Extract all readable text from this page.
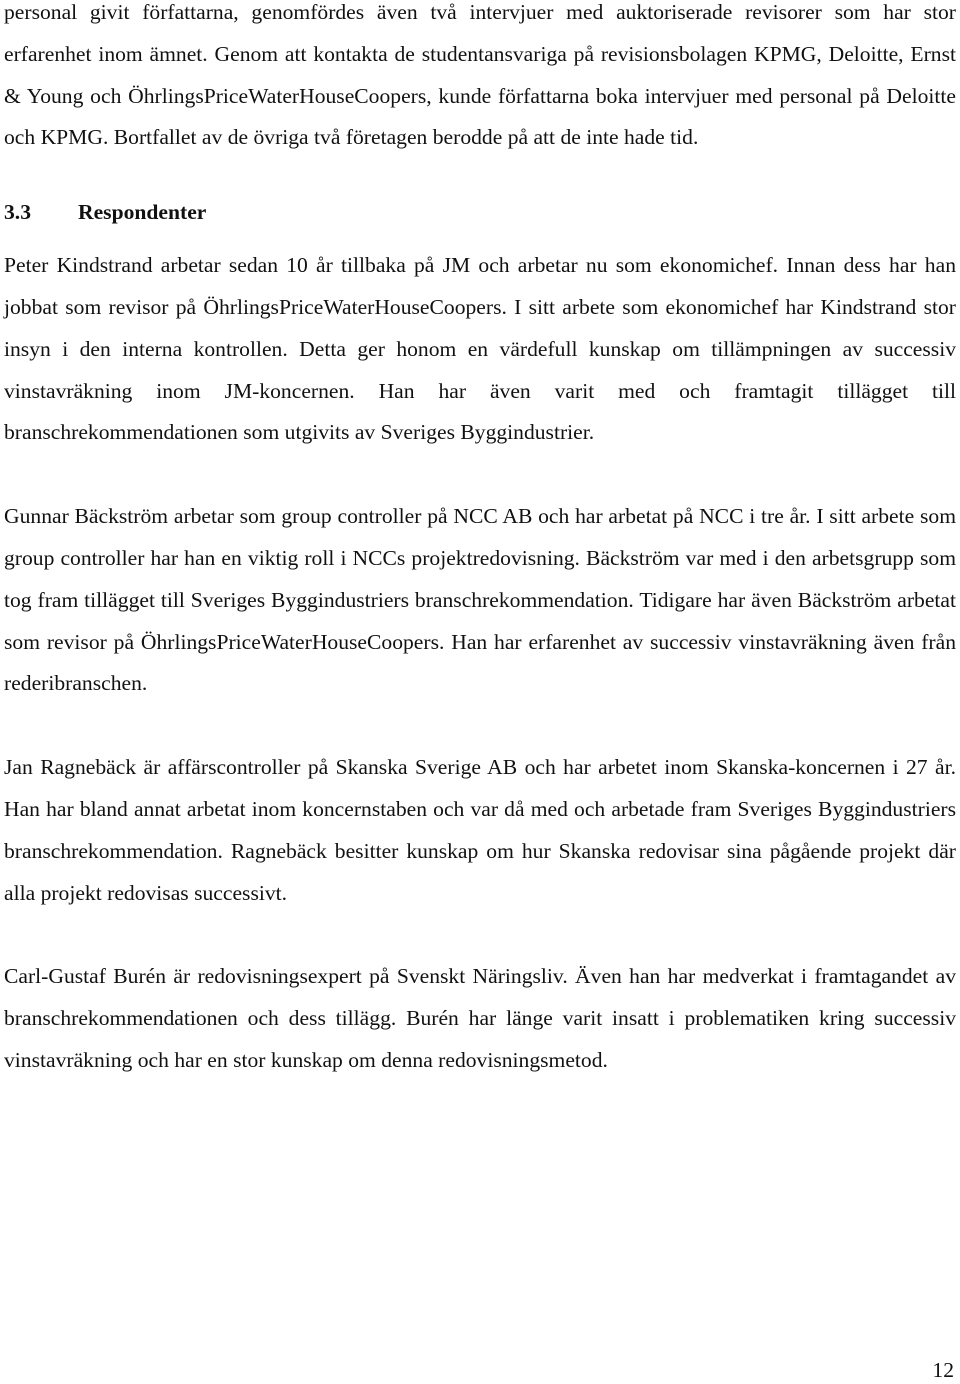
personal givit författarna, genomfördes även två intervjuer med auktoriserade revisorer som har stor erfarenhet inom ämnet. Genom att kontakta de studentansvariga på revisionsbolagen KPMG, Deloitte, Ernst & Young och ÖhrlingsPriceWaterHouseCoopers, kunde författarna boka intervjuer med personal på Deloitte och KPMG. Bortfallet av de övriga två företagen berodde på att de inte hade tid.

3.3	Respondenter

Peter Kindstrand arbetar sedan 10 år tillbaka på JM och arbetar nu som ekonomichef. Innan dess har han jobbat som revisor på ÖhrlingsPriceWaterHouseCoopers. I sitt arbete som ekonomichef har Kindstrand stor insyn i den interna kontrollen. Detta ger honom en värdefull kunskap om tillämpningen av successiv vinstavräkning inom JM-koncernen. Han har även varit med och framtagit tillägget till branschrekommendationen som utgivits av Sveriges Byggindustrier.

Gunnar Bäckström arbetar som group controller på NCC AB och har arbetat på NCC i tre år. I sitt arbete som group controller har han en viktig roll i NCCs projektredovisning. Bäckström var med i den arbetsgrupp som tog fram tillägget till Sveriges Byggindustriers branschrekommendation. Tidigare har även Bäckström arbetat som revisor på ÖhrlingsPriceWaterHouseCoopers. Han har erfarenhet av successiv vinstavräkning även från rederibranschen.

Jan Ragnebäck är affärscontroller på Skanska Sverige AB och har arbetet inom Skanska-koncernen i 27 år. Han har bland annat arbetat inom koncernstaben och var då med och arbetade fram Sveriges Byggindustriers branschrekommendation. Ragnebäck besitter kunskap om hur Skanska redovisar sina pågående projekt där alla projekt redovisas successivt.

Carl-Gustaf Burén är redovisningsexpert på Svenskt Näringsliv. Även han har medverkat i framtagandet av branschrekommendationen och dess tillägg. Burén har länge varit insatt i problematiken kring successiv vinstavräkning och har en stor kunskap om denna redovisningsmetod.

12
